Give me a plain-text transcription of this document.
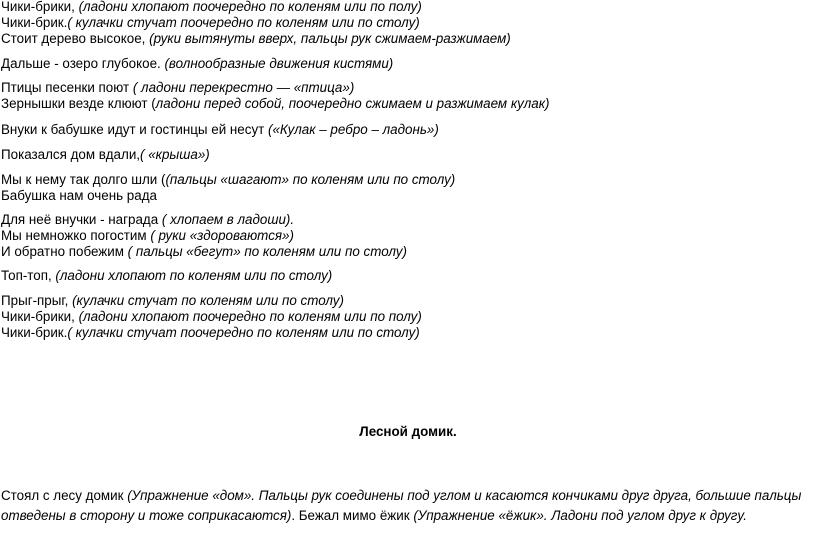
Чики-брики, (ладони хлопают поочередно по коленям или по полу)
Чики-брик.( кулачки стучат поочередно по коленям или по столу)
Стоит дерево высокое, (руки вытянуты вверх, пальцы рук сжимаем-разжимаем)
Дальше - озеро глубокое. (волнообразные движения кистями)
Птицы песенки поют ( ладони перекрестно — «птица»)
Зернышки везде клюют (ладони перед собой, поочередно сжимаем и разжимаем кулак)
Внуки к бабушке идут и гостинцы ей несут («Кулак – ребро – ладонь»)
Показался дом вдали,( «крыша»)
Мы к нему так долго шли ((пальцы «шагают» по коленям или по столу)
Бабушка нам очень рада
Для неё внучки - награда ( хлопаем в ладоши).
Мы немножко погостим ( руки «здороваются»)
И обратно побежим ( пальцы «бегут» по коленям или по столу)
Топ-топ, (ладони хлопают по коленям или по столу)
Прыг-прыг, (кулачки стучат по коленям или по столу)
Чики-брики, (ладони хлопают поочередно по коленям или по полу)
Чики-брик.( кулачки стучат поочередно по коленям или по столу)
Лесной домик.
Стоял с лесу домик (Упражнение «дом». Пальцы рук соединены под углом и касаются кончиками друг друга, большие пальцы отведены в сторону и тоже соприкасаются). Бежал мимо ёжик (Упражнение «ёжик». Ладони под углом друг к другу.
